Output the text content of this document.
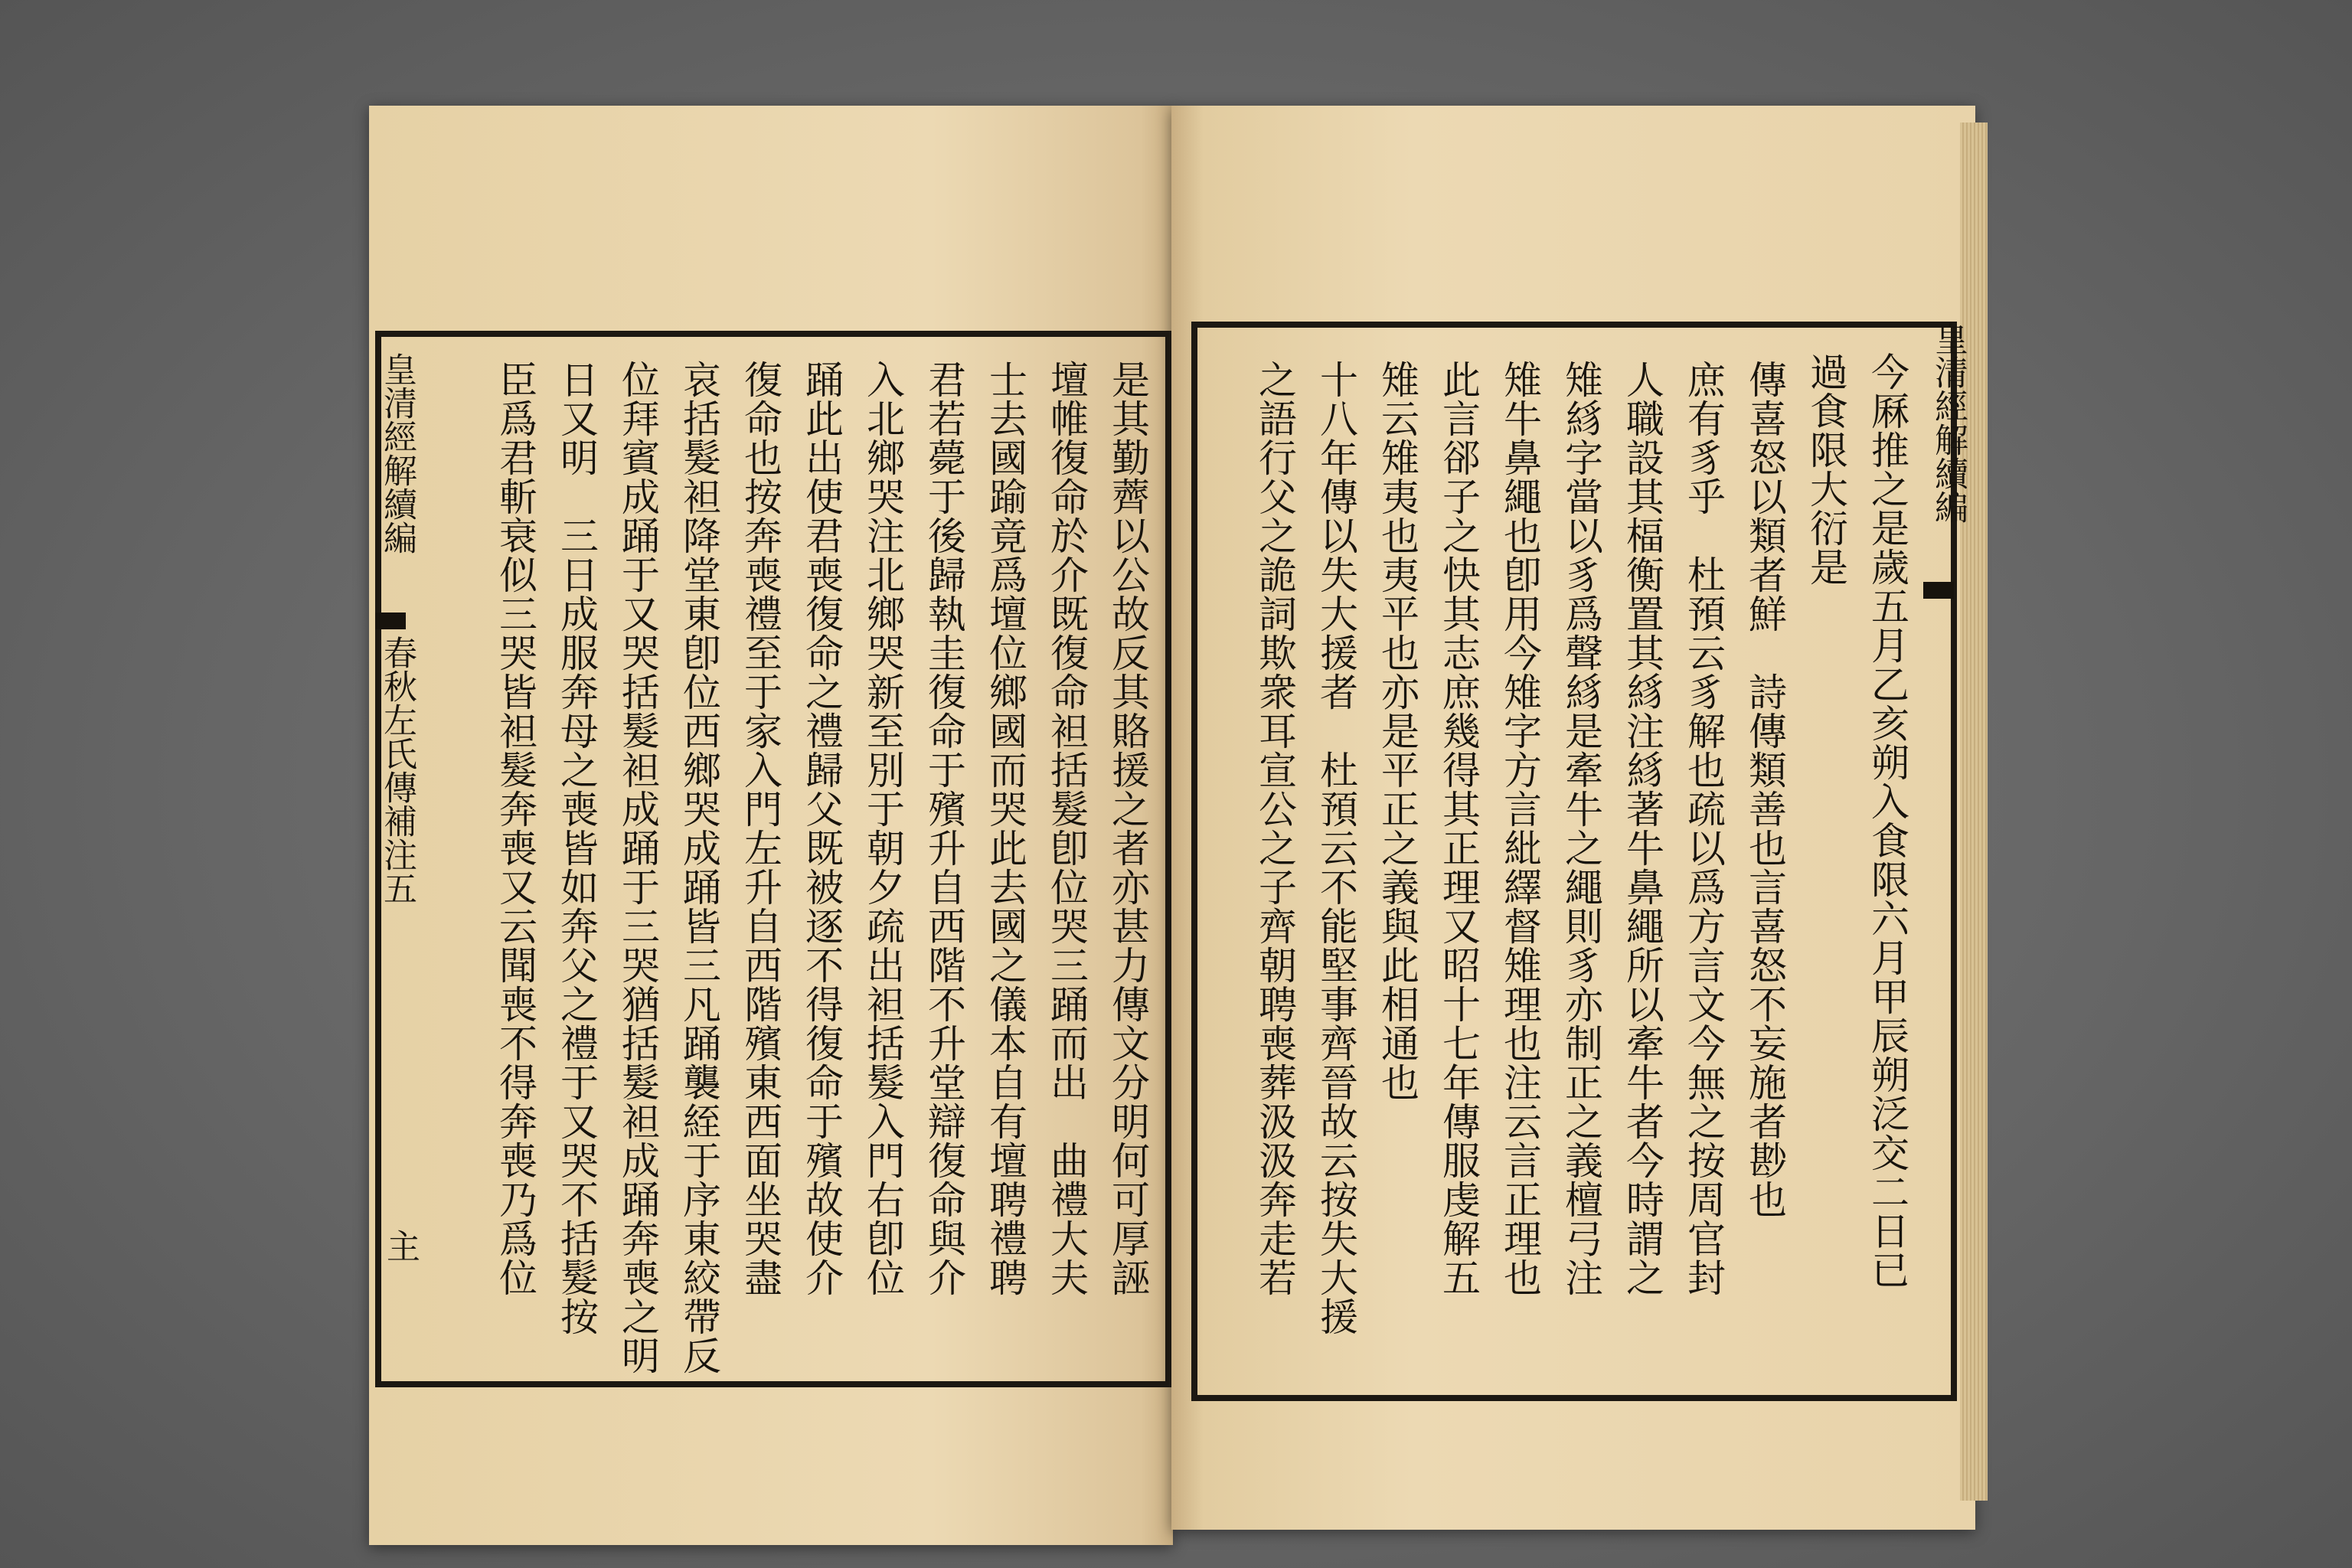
皇清經解續編
春秋左氏傳補注五
主	是其勤薺以公故反其賂援之者亦甚力傳文分明何可厚誣
壇帷復命於介既復命袒括髮卽位哭三踊而出　曲禮大夫
士去國踰竟爲壇位鄉國而哭此去國之儀本自有壇聘禮聘
君若薨于後歸執圭復命于殯升自西階不升堂辯復命與介
入北鄉哭注北鄉哭新至別于朝夕疏出袒括髮入門右卽位
踊此出使君喪復命之禮歸父既被逐不得復命于殯故使介
復命也按奔喪禮至于家入門左升自西階殯東西面坐哭盡
哀括髮袒降堂東卽位西鄉哭成踊皆三凡踊襲絰于序東絞帶反
位拜賓成踊于又哭括髮袒成踊于三哭猶括髮袒成踊奔喪之明
日又明　三日成服奔母之喪皆如奔父之禮于又哭不括髮按
臣爲君斬衰似三哭皆袒髮奔喪又云聞喪不得奔喪乃爲位	皇清經解續編
今厤推之是歲五月乙亥朔入食限六月甲辰朔泛交二日已
過食限大衍是
傳喜怒以類者鮮　詩傳類善也言喜怒不妄施者尠也
庶有豸乎　杜預云豸解也疏以爲方言文今無之按周官封
人職設其楅衡置其絼注絼著牛鼻繩所以牽牛者今時謂之
雉絼字當以豸爲聲絼是牽牛之繩則豸亦制正之義檀弓注
雉牛鼻繩也卽用今雉字方言紕繹督雉理也注云言正理也
此言郤子之快其志庶幾得其正理又昭十七年傳服虔解五
雉云雉夷也夷平也亦是平正之義與此相通也
十八年傳以失大援者　杜預云不能堅事齊晉故云按失大援
之語行父之詭詞欺衆耳宣公之子齊朝聘喪葬汲汲奔走若
